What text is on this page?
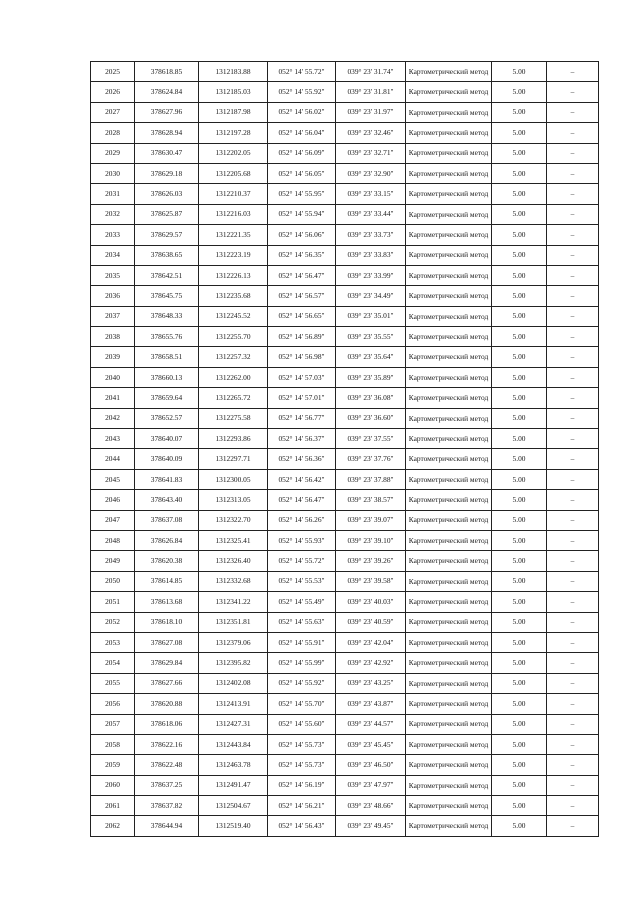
2025	378618.85	1312183.88	052° 14' 55.72"	039° 23' 31.74"	Картометрический метод	5.00	–
2026	378624.84	1312185.03	052° 14' 55.92"	039° 23' 31.81"	Картометрический метод	5.00	–
2027	378627.96	1312187.98	052° 14' 56.02"	039° 23' 31.97"	Картометрический метод	5.00	–
2028	378628.94	1312197.28	052° 14' 56.04"	039° 23' 32.46"	Картометрический метод	5.00	–
2029	378630.47	1312202.05	052° 14' 56.09"	039° 23' 32.71"	Картометрический метод	5.00	–
2030	378629.18	1312205.68	052° 14' 56.05"	039° 23' 32.90"	Картометрический метод	5.00	–
2031	378626.03	1312210.37	052° 14' 55.95"	039° 23' 33.15"	Картометрический метод	5.00	–
2032	378625.87	1312216.03	052° 14' 55.94"	039° 23' 33.44"	Картометрический метод	5.00	–
2033	378629.57	1312221.35	052° 14' 56.06"	039° 23' 33.73"	Картометрический метод	5.00	–
2034	378638.65	1312223.19	052° 14' 56.35"	039° 23' 33.83"	Картометрический метод	5.00	–
2035	378642.51	1312226.13	052° 14' 56.47"	039° 23' 33.99"	Картометрический метод	5.00	–
2036	378645.75	1312235.68	052° 14' 56.57"	039° 23' 34.49"	Картометрический метод	5.00	–
2037	378648.33	1312245.52	052° 14' 56.65"	039° 23' 35.01"	Картометрический метод	5.00	–
2038	378655.76	1312255.70	052° 14' 56.89"	039° 23' 35.55"	Картометрический метод	5.00	–
2039	378658.51	1312257.32	052° 14' 56.98"	039° 23' 35.64"	Картометрический метод	5.00	–
2040	378660.13	1312262.00	052° 14' 57.03"	039° 23' 35.89"	Картометрический метод	5.00	–
2041	378659.64	1312265.72	052° 14' 57.01"	039° 23' 36.08"	Картометрический метод	5.00	–
2042	378652.57	1312275.58	052° 14' 56.77"	039° 23' 36.60"	Картометрический метод	5.00	–
2043	378640.07	1312293.86	052° 14' 56.37"	039° 23' 37.55"	Картометрический метод	5.00	–
2044	378640.09	1312297.71	052° 14' 56.36"	039° 23' 37.76"	Картометрический метод	5.00	–
2045	378641.83	1312300.05	052° 14' 56.42"	039° 23' 37.88"	Картометрический метод	5.00	–
2046	378643.40	1312313.05	052° 14' 56.47"	039° 23' 38.57"	Картометрический метод	5.00	–
2047	378637.08	1312322.70	052° 14' 56.26"	039° 23' 39.07"	Картометрический метод	5.00	–
2048	378626.84	1312325.41	052° 14' 55.93"	039° 23' 39.10"	Картометрический метод	5.00	–
2049	378620.38	1312326.40	052° 14' 55.72"	039° 23' 39.26"	Картометрический метод	5.00	–
2050	378614.85	1312332.68	052° 14' 55.53"	039° 23' 39.58"	Картометрический метод	5.00	–
2051	378613.68	1312341.22	052° 14' 55.49"	039° 23' 40.03"	Картометрический метод	5.00	–
2052	378618.10	1312351.81	052° 14' 55.63"	039° 23' 40.59"	Картометрический метод	5.00	–
2053	378627.08	1312379.06	052° 14' 55.91"	039° 23' 42.04"	Картометрический метод	5.00	–
2054	378629.84	1312395.82	052° 14' 55.99"	039° 23' 42.92"	Картометрический метод	5.00	–
2055	378627.66	1312402.08	052° 14' 55.92"	039° 23' 43.25"	Картометрический метод	5.00	–
2056	378620.88	1312413.91	052° 14' 55.70"	039° 23' 43.87"	Картометрический метод	5.00	–
2057	378618.06	1312427.31	052° 14' 55.60"	039° 23' 44.57"	Картометрический метод	5.00	–
2058	378622.16	1312443.84	052° 14' 55.73"	039° 23' 45.45"	Картометрический метод	5.00	–
2059	378622.48	1312463.78	052° 14' 55.73"	039° 23' 46.50"	Картометрический метод	5.00	–
2060	378637.25	1312491.47	052° 14' 56.19"	039° 23' 47.97"	Картометрический метод	5.00	–
2061	378637.82	1312504.67	052° 14' 56.21"	039° 23' 48.66"	Картометрический метод	5.00	–
2062	378644.94	1312519.40	052° 14' 56.43"	039° 23' 49.45"	Картометрический метод	5.00	–
